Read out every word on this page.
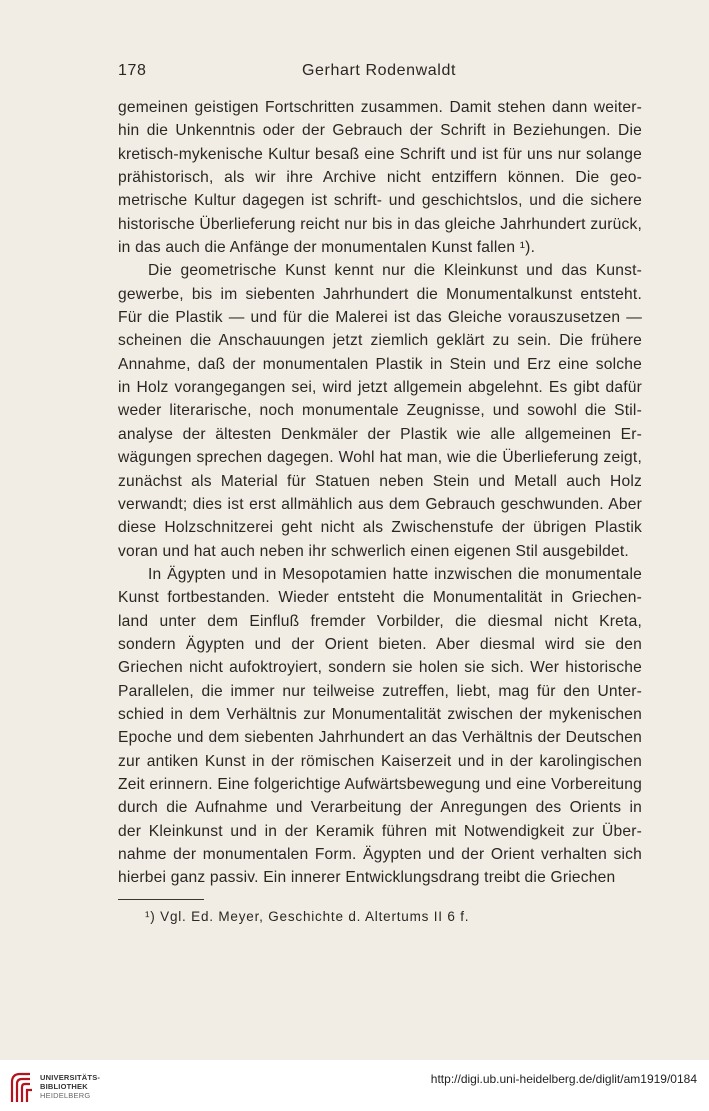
178	Gerhart Rodenwaldt
gemeinen geistigen Fortschritten zusammen. Damit stehen dann weiter-
hin die Unkenntnis oder der Gebrauch der Schrift in Beziehungen. Die
kretisch-mykenische Kultur besaß eine Schrift und ist für uns nur solange
prähistorisch, als wir ihre Archive nicht entziffern können. Die geo-
metrische Kultur dagegen ist schrift- und geschichtslos, und die sichere
historische Überlieferung reicht nur bis in das gleiche Jahrhundert zurück,
in das auch die Anfänge der monumentalen Kunst fallen ¹).
Die geometrische Kunst kennt nur die Kleinkunst und das Kunst-
gewerbe, bis im siebenten Jahrhundert die Monumentalkunst entsteht.
Für die Plastik — und für die Malerei ist das Gleiche vorauszusetzen —
scheinen die Anschauungen jetzt ziemlich geklärt zu sein. Die frühere
Annahme, daß der monumentalen Plastik in Stein und Erz eine solche
in Holz vorangegangen sei, wird jetzt allgemein abgelehnt. Es gibt dafür
weder literarische, noch monumentale Zeugnisse, und sowohl die Stil-
analyse der ältesten Denkmäler der Plastik wie alle allgemeinen Er-
wägungen sprechen dagegen. Wohl hat man, wie die Überlieferung zeigt,
zunächst als Material für Statuen neben Stein und Metall auch Holz
verwandt; dies ist erst allmählich aus dem Gebrauch geschwunden. Aber
diese Holzschnitzerei geht nicht als Zwischenstufe der übrigen Plastik
voran und hat auch neben ihr schwerlich einen eigenen Stil ausgebildet.
In Ägypten und in Mesopotamien hatte inzwischen die monumentale
Kunst fortbestanden. Wieder entsteht die Monumentalität in Griechen-
land unter dem Einfluß fremder Vorbilder, die diesmal nicht Kreta,
sondern Ägypten und der Orient bieten. Aber diesmal wird sie den
Griechen nicht aufoktroyiert, sondern sie holen sie sich. Wer historische
Parallelen, die immer nur teilweise zutreffen, liebt, mag für den Unter-
schied in dem Verhältnis zur Monumentalität zwischen der mykenischen
Epoche und dem siebenten Jahrhundert an das Verhältnis der Deutschen
zur antiken Kunst in der römischen Kaiserzeit und in der karolingischen
Zeit erinnern. Eine folgerichtige Aufwärtsbewegung und eine Vorbereitung
durch die Aufnahme und Verarbeitung der Anregungen des Orients in
der Kleinkunst und in der Keramik führen mit Notwendigkeit zur Über-
nahme der monumentalen Form. Ägypten und der Orient verhalten sich
hierbei ganz passiv. Ein innerer Entwicklungsdrang treibt die Griechen
¹) Vgl. Ed. Meyer, Geschichte d. Altertums II 6 f.
UNIVERSITÄTS-
BIBLIOTHEK
HEIDELBERG
http://digi.ub.uni-heidelberg.de/diglit/am1919/0184
